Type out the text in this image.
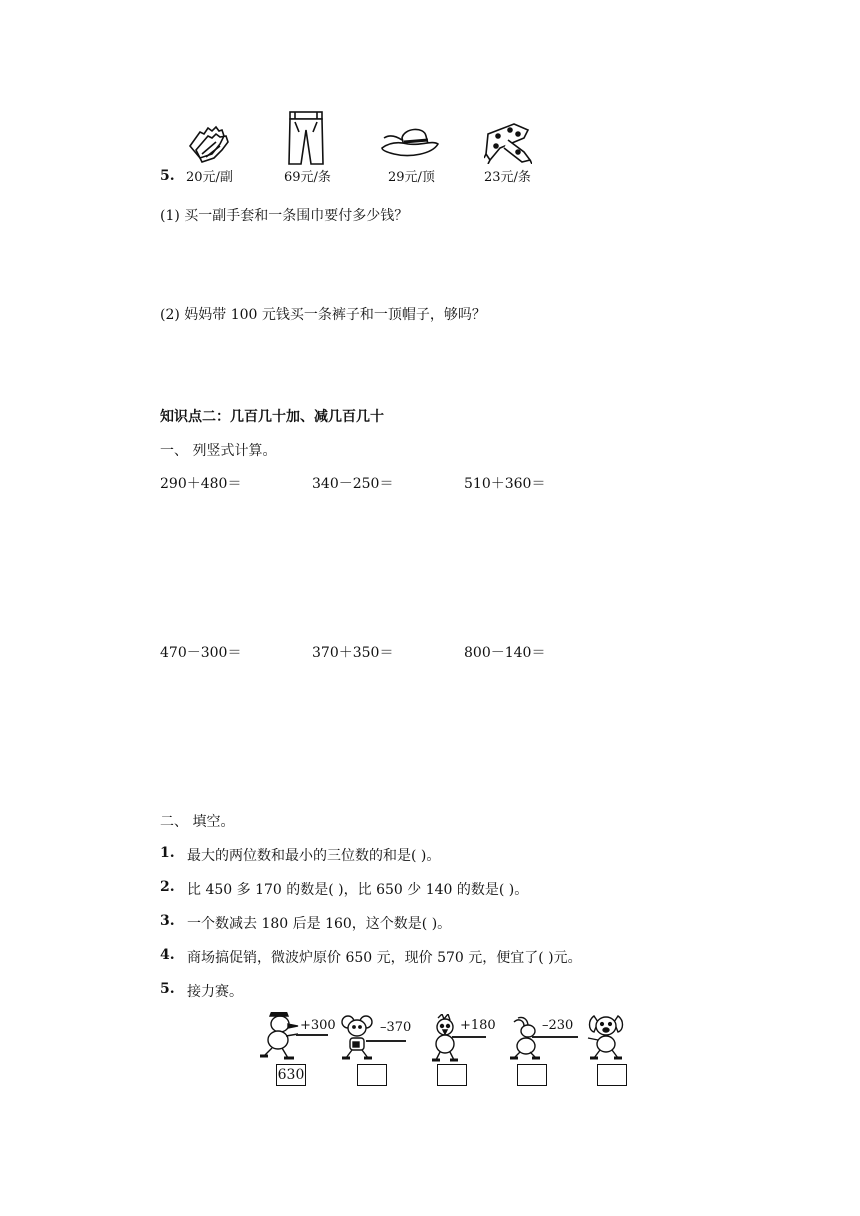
5. 20元/副	69元/条	29元/顶	23元/条
(1) 买一副手套和一条围巾要付多少钱？
(2) 妈妈带 100 元钱买一条裤子和一顶帽子，够吗？
知识点二：几百几十加、减几百几十
一、 列竖式计算。
290＋480＝	340－250＝	510＋360＝
470－300＝	370＋350＝	800－140＝
二、 填空。
1. 最大的两位数和最小的三位数的和是( )。
2. 比 450 多 170 的数是( )，比 650 少 140 的数是( )。
3. 一个数减去 180 后是 160，这个数是( )。
4. 商场搞促销，微波炉原价 650 元，现价 570 元，便宜了( )元。
5. 接力赛。
+300	–370	+180	–230
630
